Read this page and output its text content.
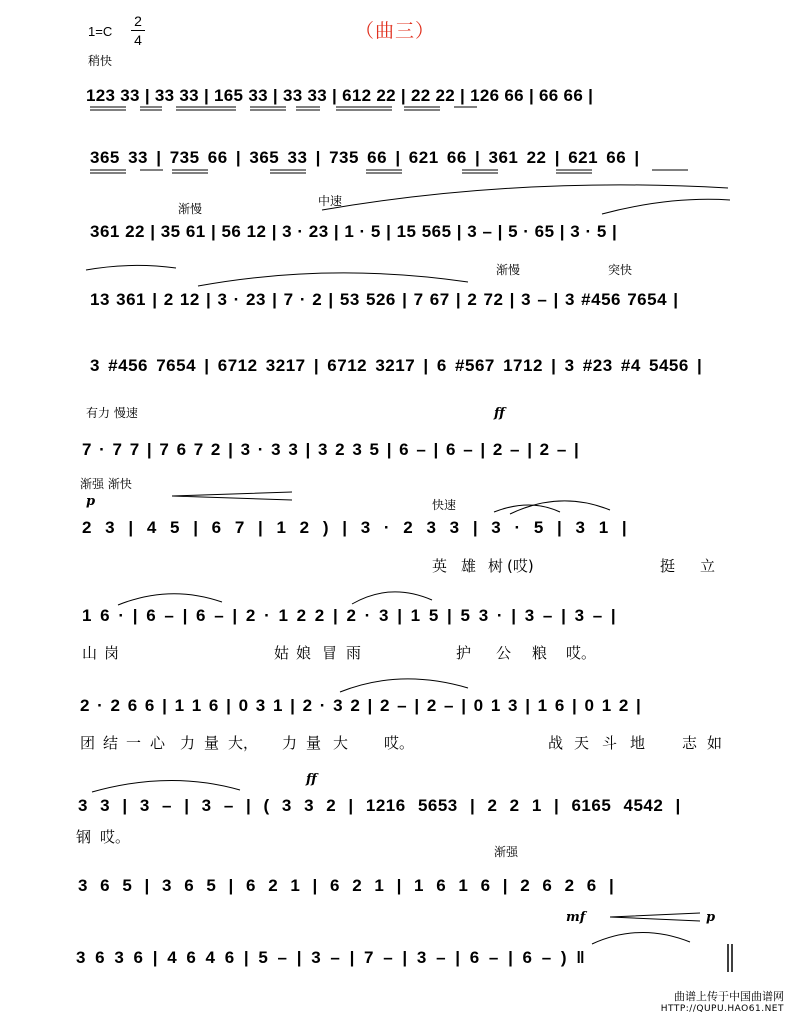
1=C
2
4	（曲三）
稍快
渐慢
中速
渐慢	突快
有力 慢速
渐强 渐快
快速
渐强
ff
p
ff
mf	p
123 33 | 33 33 | 165 33 | 33 33 | 612 22 | 22 22 | 126 66 | 66 66 |
365 33 | 735 66 | 365 33 | 735 66 | 621 66 | 361 22 | 621 66 |
361 22 | 35 61 | 56 12 | 3 · 23 | 1 · 5 | 15 565 | 3 – | 5 · 65 | 3 · 5 |
13 361 | 2 12 | 3 · 23 | 7 · 2 | 53 526 | 7 67 | 2 72 | 3 – | 3 #456 7654 |
3 #456 7654 | 6712 3217 | 6712 3217 | 6 #567 1712 | 3 #23 #4 5456 |
7 · 7 7 | 7 6 7 2 | 3 · 3 3 | 3 2 3 5 | 6 – | 6 – | 2 – | 2 – |
2 3 | 4 5 | 6 7 | 1 2 ) | 3 · 2 3 3 | 3 · 5 | 3 1 |
1 6 · | 6 – | 6 – | 2 · 1 2 2 | 2 · 3 | 1 5 | 5 3 · | 3 – | 3 – |
2 · 2 6 6 | 1 1 6 | 0 3 1 | 2 · 3 2 | 2 – | 2 – | 0 1 3 | 1 6 | 0 1 2 |
3 3 | 3 – | 3 – | ( 3 3 2 | 1216 5653 | 2 2 1 | 6165 4542 |
3 6 5 | 3 6 5 | 6 2 1 | 6 2 1 | 1 6 1 6 | 2 6 2 6 |
3 6 3 6 | 4 6 4 6 | 5 – | 3 – | 7 – | 3 – | 6 – | 6 – ) ‖
英 雄 树 (哎)	挺 立
山 岗	姑 娘 冒 雨	护 公 粮 哎。
团 结 一 心 力 量 大， 力 量 大 哎。	战 天 斗 地 志 如
钢 哎。
曲谱上传于中国曲谱网
HTTP://QUPU.HAO61.NET
